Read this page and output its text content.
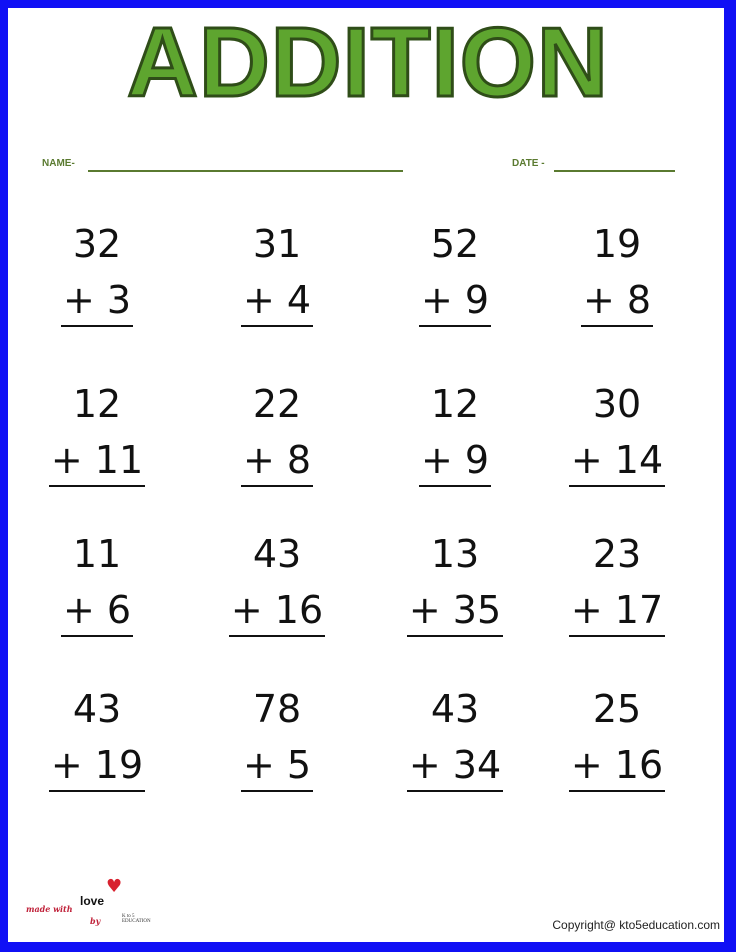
ADDITION
NAME-	DATE -
32
+ 3
31
+ 4
52
+ 9
19
+ 8
12
+ 11
22
+ 8
12
+ 9
30
+ 14
11
+ 6
43
+ 16
13
+ 35
23
+ 17
43
+ 19
78
+ 5
43
+ 34
25
+ 16
♥
made with
love
by	K to 5 EDUCATION	Copyright@ kto5education.com
